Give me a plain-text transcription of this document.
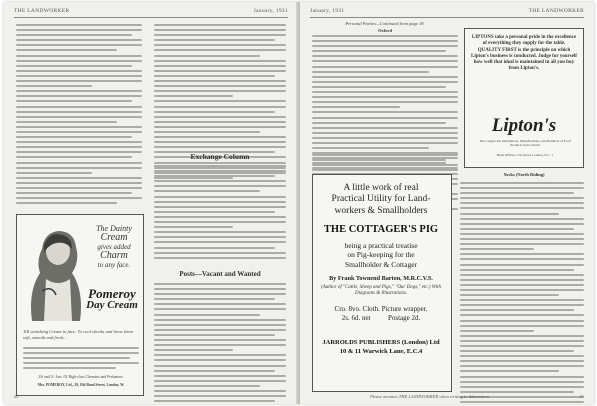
THE LANDWORKER	January, 1931
The Dainty
Cream
gives added
Charm
to any face.
Pomeroy
Day Cream
Till vanishing Cream in face. To cool cheeks and brow them soft, smooth and fresh...
2/6 and 5/- Jars. Of High-class Chemists and Perfumers.
Mrs. POMEROY, Ltd., 29, Old Bond Street, London, W.
Exchange Column
Posts—Vacant and Wanted
20
January, 1931	THE LANDWORKER
Personal Parties—Continued from page 18.
Oxford
LIPTONS take a personal pride in the excellence of everything they supply for the table. QUALITY FIRST is the principle on which Lipton's business is conducted. Judge for yourself how well that ideal is maintained in all you buy from Lipton's.
Lipton's
The Largest Tea Distributors, Manufacturers, and Retailers of Food Products in the World
Head Offices: City Road, London, E.C. 1
Yorks (North Riding)
A little work of real
Practical Utility for Land-
workers & Smallholders
THE COTTAGER'S PIG
being a practical treatise
on Pig-keeping for the
Smallholder & Cottager
By Frank Townend Barton, M.R.C.V.S.
(Author of "Cattle, Sheep and Pigs," "Our Dogs," etc.) With Diagrams & Illustrations.
Cro. 8vo. Cloth. Picture wrapper.
2s. 6d. net          Postage 2d.
JARROLDS PUBLISHERS (London) Ltd
10 & 11 Warwick Lane, E.C.4
Please mention THE LANDWORKER when writing to Advertisers	21
